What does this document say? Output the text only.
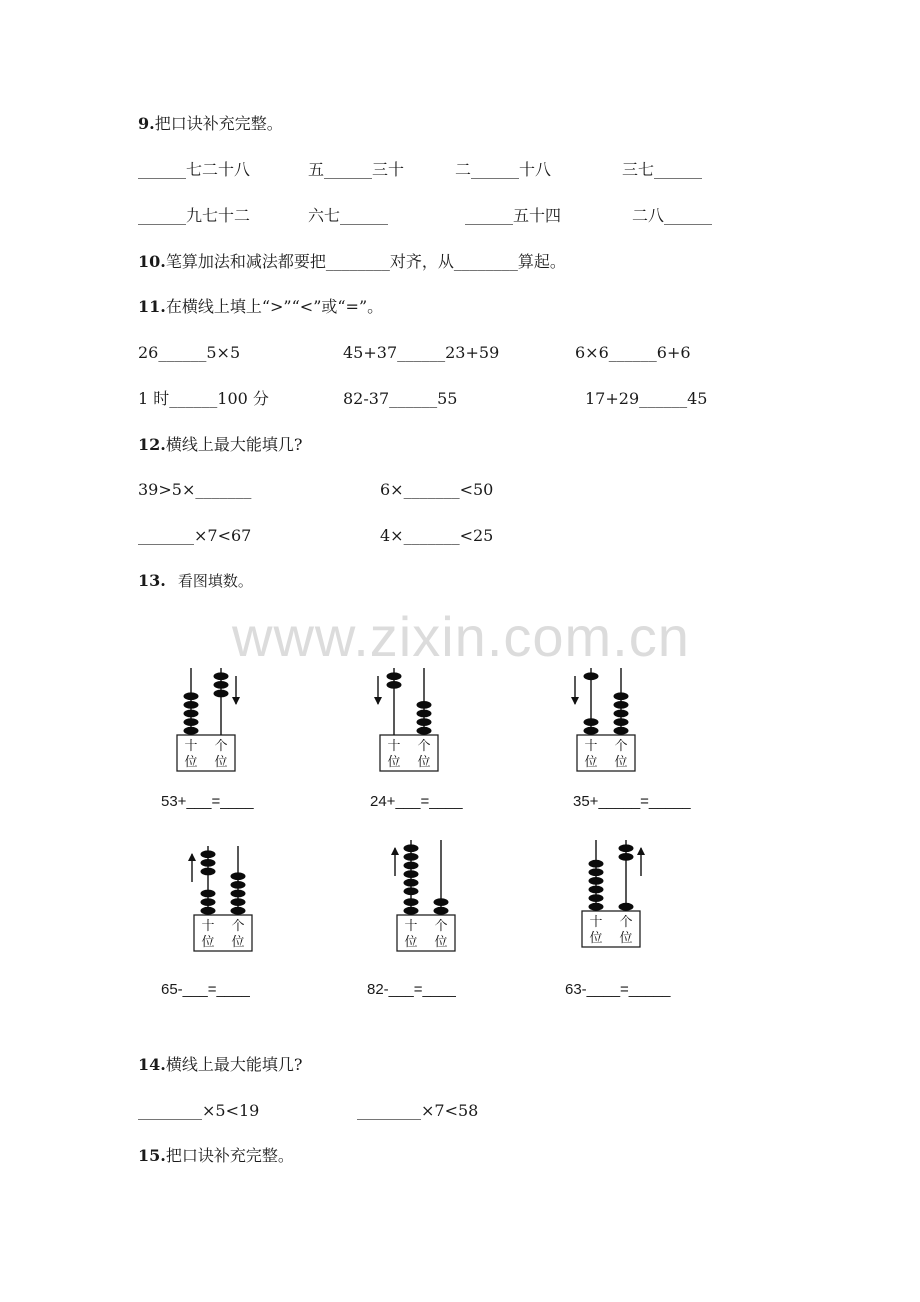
www.zixin.com.cn
9.把口诀补充完整。
______七二十八	五______三十	二______十八	三七______
______九七十二	六七______	______五十四	二八______
10.笔算加法和减法都要把________对齐，从________算起。
11.在横线上填上“>”“<”或“=”。
26______5×5	45+37______23+59	6×6______6+6
1 时______100 分	82-37______55	17+29______45
12.横线上最大能填几?
39>5×_______	6×_______<50
_______×7<67	4×_______<25
13. 看图填数。
十 个
位 位
十 个
位 位
十 个
位 位
53+___=____	24+___=____	35+_____=_____
十 个
位 位
十 个
位 位
十 个
位 位
65-___=____	82-___=____	63-____=_____
14.横线上最大能填几?
________×5<19	________×7<58
15.把口诀补充完整。
